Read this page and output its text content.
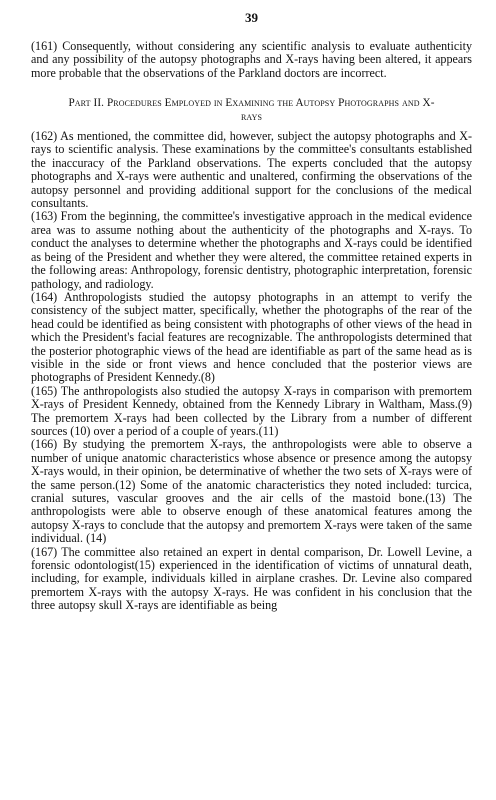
39

(161) Consequently, without considering any scientific analysis to evaluate authenticity and any possibility of the autopsy photographs and X-rays having been altered, it appears more probable that the observations of the Parkland doctors are incorrect.

Part II. Procedures Employed in Examining the Autopsy Photographs and X-rays

(162) As mentioned, the committee did, however, subject the autopsy photographs and X-rays to scientific analysis. These examinations by the committee's consultants established the inaccuracy of the Parkland observations. The experts concluded that the autopsy photographs and X-rays were authentic and unaltered, confirming the observations of the autopsy personnel and providing additional support for the conclusions of the medical consultants.

(163) From the beginning, the committee's investigative approach in the medical evidence area was to assume nothing about the authenticity of the photographs and X-rays. To conduct the analyses to determine whether the photographs and X-rays could be identified as being of the President and whether they were altered, the committee retained experts in the following areas: Anthropology, forensic dentistry, photographic interpretation, forensic pathology, and radiology.

(164) Anthropologists studied the autopsy photographs in an attempt to verify the consistency of the subject matter, specifically, whether the photographs of the rear of the head could be identified as being consistent with photographs of other views of the head in which the President's facial features are recognizable. The anthropologists determined that the posterior photographic views of the head are identifiable as part of the same head as is visible in the side or front views and hence concluded that the posterior views are photographs of President Kennedy.(8)

(165) The anthropologists also studied the autopsy X-rays in comparison with premortem X-rays of President Kennedy, obtained from the Kennedy Library in Waltham, Mass.(9) The premortem X-rays had been collected by the Library from a number of different sources (10) over a period of a couple of years.(11)

(166) By studying the premortem X-rays, the anthropologists were able to observe a number of unique anatomic characteristics whose absence or presence among the autopsy X-rays would, in their opinion, be determinative of whether the two sets of X-rays were of the same person.(12) Some of the anatomic characteristics they noted included: turcica, cranial sutures, vascular grooves and the air cells of the mastoid bone.(13) The anthropologists were able to observe enough of these anatomical features among the autopsy X-rays to conclude that the autopsy and premortem X-rays were taken of the same individual. (14)

(167) The committee also retained an expert in dental comparison, Dr. Lowell Levine, a forensic odontologist(15) experienced in the identification of victims of unnatural death, including, for example, individuals killed in airplane crashes. Dr. Levine also compared premortem X-rays with the autopsy X-rays. He was confident in his conclusion that the three autopsy skull X-rays are identifiable as being
